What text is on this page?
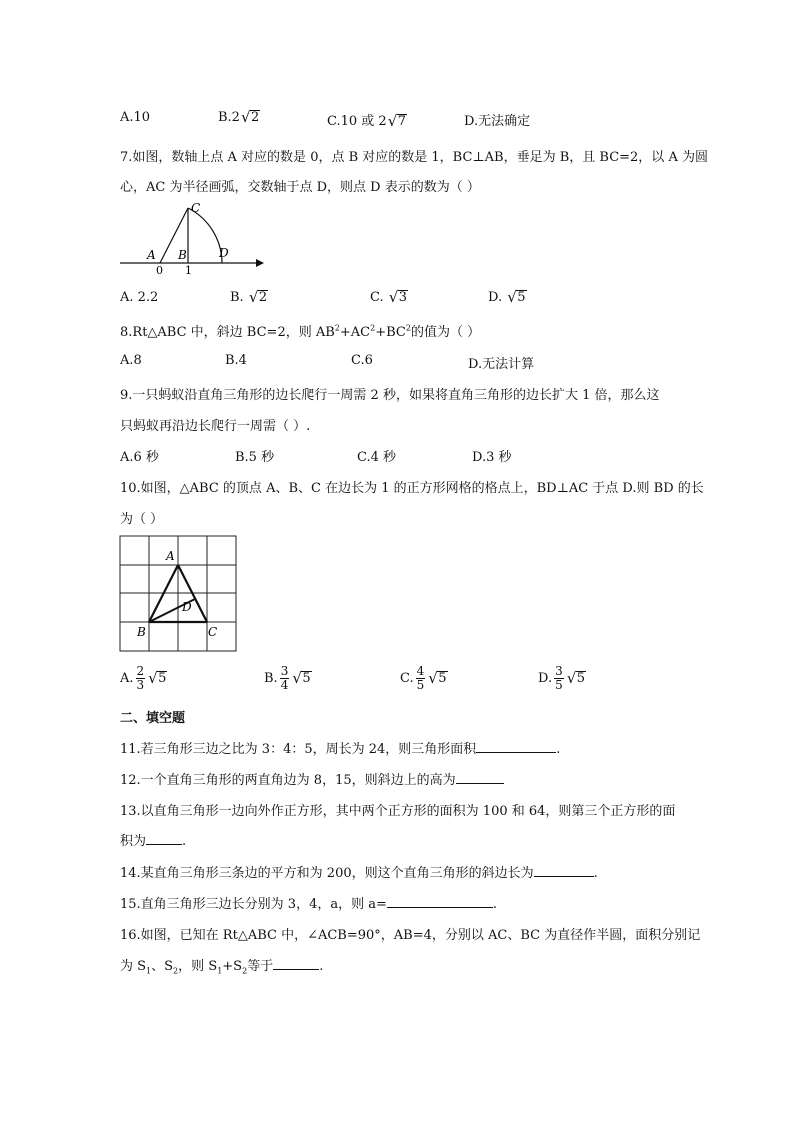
A.10	B.2 √ 2	C.10 或 2 √ 7	D.无法确定
7.如图，数轴上点 A 对应的数是 0，点 B 对应的数是 1，BC⊥AB，垂足为 B，且 BC=2，以 A 为圆
心，AC 为半径画弧，交数轴于点 D，则点 D 表示的数为（ ）
A B
C
D
0 1
A. 2.2	B. √ 2	C. √ 3	D. √ 5
8.Rt△ABC 中，斜边 BC=2，则 $AB^2+AC^2+BC^2$的值为（ ）
A.8	B.4	C.6	D.无法计算
9.一只蚂蚁沿直角三角形的边长爬行一周需 2 秒，如果将直角三角形的边长扩大 1 倍，那么这
只蚂蚁再沿边长爬行一周需（ ）.
A.6 秒	B.5 秒	C.4 秒	D.3 秒
10.如图，△ABC 的顶点 A、B、C 在边长为 1 的正方形网格的格点上，BD⊥AC 于点 D.则 BD 的长
为（ ）
A
B	C
D
A. $\frac{2}{3}$ √ 5	B. $\frac{3}{4}$ √ 5	C. $\frac{4}{5}$ √ 5	D. $\frac{3}{5}$ √ 5
二、填空题
11.若三角形三边之比为 3：4：5，周长为 24，则三角形面积	.
12.一个直角三角形的两直角边为 8，15，则斜边上的高为
13.以直角三角形一边向外作正方形，其中两个正方形的面积为 100 和 64，则第三个正方形的面
积为	.
14.某直角三角形三条边的平方和为 200，则这个直角三角形的斜边长为	.
15.直角三角形三边长分别为 3，4，a，则 a=	.
16.如图，已知在 Rt△ABC 中，∠ACB=90°，AB=4，分别以 AC、BC 为直径作半圆，面积分别记
为 $S_1$、$S_2$，则 $S_1+S_2$等于	.
